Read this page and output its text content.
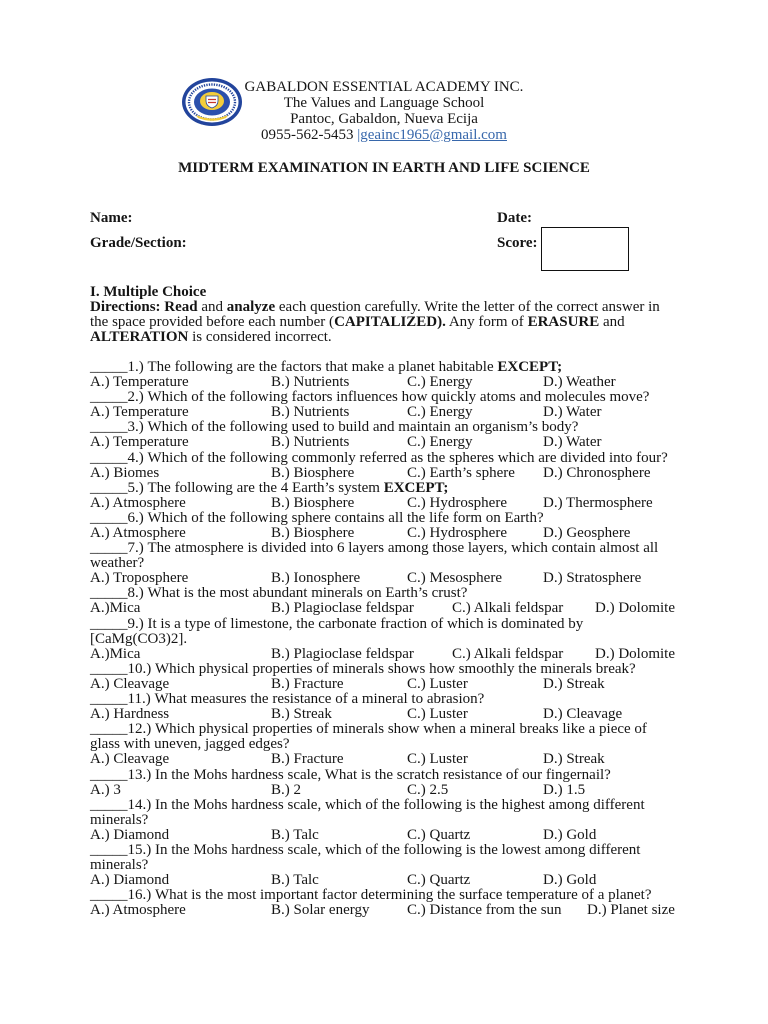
GABALDON ESSENTIAL ACADEMY INC.
The Values and Language School
Pantoc, Gabaldon, Nueva Ecija
0955-562-5453 |geainc1965@gmail.com
MIDTERM EXAMINATION IN EARTH AND LIFE SCIENCE
Name:	Date:
Grade/Section:	Score:
I. Multiple Choice
Directions: Read and analyze each question carefully. Write the letter of the correct answer in
the space provided before each number (CAPITALIZED). Any form of ERASURE and
ALTERATION is considered incorrect.
_____1.) The following are the factors that make a planet habitable EXCEPT;
A.) Temperature	B.) Nutrients	C.) Energy	D.) Weather
_____2.) Which of the following factors influences how quickly atoms and molecules move?
A.) Temperature	B.) Nutrients	C.) Energy	D.) Water
_____3.) Which of the following used to build and maintain an organism’s body?
A.) Temperature	B.) Nutrients	C.) Energy	D.) Water
_____4.) Which of the following commonly referred as the spheres which are divided into four?
A.) Biomes	B.) Biosphere	C.) Earth’s sphere D.) Chronosphere
_____5.) The following are the 4 Earth’s system EXCEPT;
A.) Atmosphere	B.) Biosphere	C.) Hydrosphere D.) Thermosphere
_____6.) Which of the following sphere contains all the life form on Earth?
A.) Atmosphere	B.) Biosphere	C.) Hydrosphere D.) Geosphere
_____7.) The atmosphere is divided into 6 layers among those layers, which contain almost all
weather?
A.) Troposphere	B.) Ionosphere	C.) Mesosphere	D.) Stratosphere
_____8.) What is the most abundant minerals on Earth’s crust?
A.)Mica	B.) Plagioclase feldspar	C.) Alkali feldspar D.) Dolomite
_____9.) It is a type of limestone, the carbonate fraction of which is dominated by
[CaMg(CO3)2].
A.)Mica	B.) Plagioclase feldspar	C.) Alkali feldspar D.) Dolomite
_____10.) Which physical properties of minerals shows how smoothly the minerals break?
A.) Cleavage	B.) Fracture	C.) Luster	D.) Streak
_____11.) What measures the resistance of a mineral to abrasion?
A.) Hardness	B.) Streak	C.) Luster	D.) Cleavage
_____12.) Which physical properties of minerals show when a mineral breaks like a piece of
glass with uneven, jagged edges?
A.) Cleavage	B.) Fracture	C.) Luster	D.) Streak
_____13.) In the Mohs hardness scale, What is the scratch resistance of our fingernail?
A.) 3	B.) 2	C.) 2.5	D.) 1.5
_____14.) In the Mohs hardness scale, which of the following is the highest among different
minerals?
A.) Diamond	B.) Talc	C.) Quartz	D.) Gold
_____15.) In the Mohs hardness scale, which of the following is the lowest among different
minerals?
A.) Diamond	B.) Talc	C.) Quartz	D.) Gold
_____16.) What is the most important factor determining the surface temperature of a planet?
A.) Atmosphere	B.) Solar energy	C.) Distance from the sun D.) Planet size
